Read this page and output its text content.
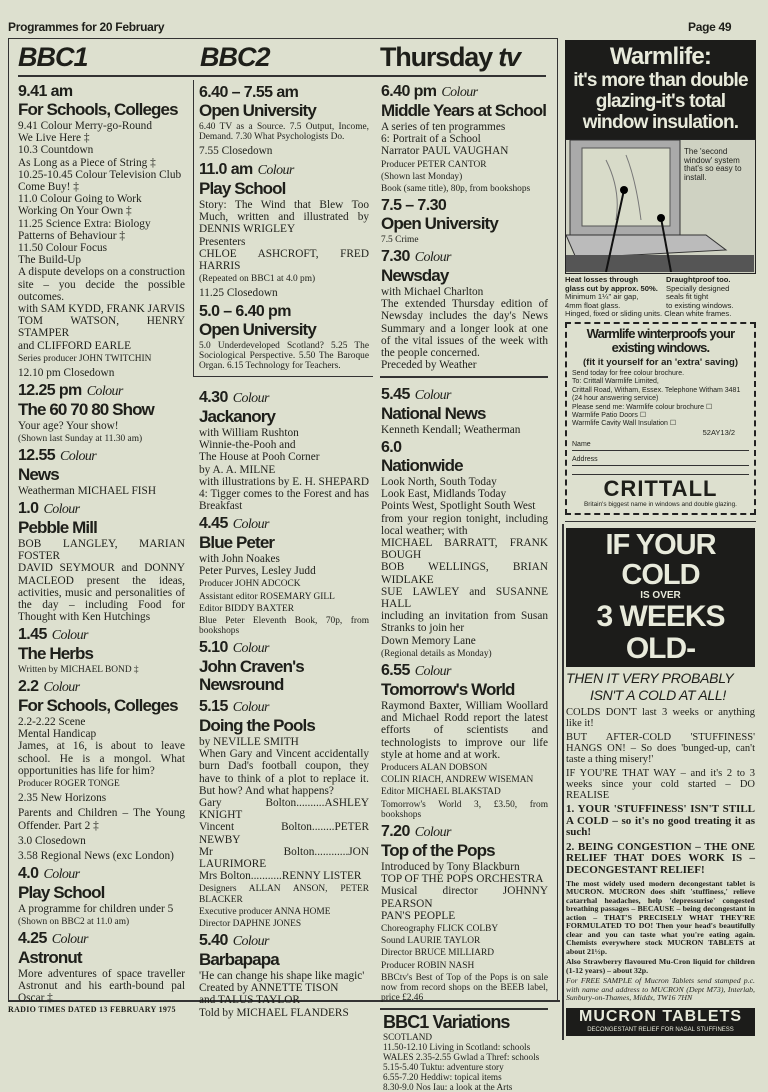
Programmes for 20 February	Page 49
BBC1	BBC2	Thursday tv
9.41 am
For Schools, Colleges
9.41 Colour Merry-go-Round
We Live Here ‡
10.3 Countdown
As Long as a Piece of String ‡
10.25-10.45 Colour Television Club
Come Buy! ‡
11.0 Colour Going to Work
Working On Your Own ‡
11.25 Science Extra: Biology
Patterns of Behaviour ‡
11.50 Colour Focus
The Build-Up
A dispute develops on a construction site – you decide the possible outcomes.
with SAM KYDD, FRANK JARVIS
TOM WATSON, HENRY STAMPER
and CLIFFORD EARLE
Series producer JOHN TWITCHIN
12.10 pm Closedown
12.25 pm Colour
The 60 70 80 Show
Your age? Your show!
(Shown last Sunday at 11.30 am)
12.55 Colour
News
Weatherman MICHAEL FISH
1.0 Colour
Pebble Mill
BOB LANGLEY, MARIAN FOSTER
DAVID SEYMOUR and DONNY MACLEOD present the ideas, activities, music and personalities of the day – including Food for Thought with Ken Hutchings
1.45 Colour
The Herbs
Written by MICHAEL BOND ‡
2.2 Colour
For Schools, Colleges
2.2-2.22 Scene
Mental Handicap
James, at 16, is about to leave school. He is a mongol. What opportunities has life for him?
Producer ROGER TONGE
2.35 New Horizons
Parents and Children – The Young Offender. Part 2 ‡
3.0 Closedown
3.58 Regional News (exc London)
4.0 Colour
Play School
A programme for children under 5
(Shown on BBC2 at 11.0 am)
4.25 Colour
Astronut
More adventures of space traveller Astronut and his earth-bound pal Oscar ‡
6.40 – 7.55 am
Open University
6.40 TV as a Source. 7.5 Output, Income, Demand. 7.30 What Psychologists Do.
7.55 Closedown
11.0 am Colour
Play School
Story: The Wind that Blew Too Much, written and illustrated by DENNIS WRIGLEY
Presenters
CHLOE ASHCROFT, FRED HARRIS
(Repeated on BBC1 at 4.0 pm)
11.25 Closedown
5.0 – 6.40 pm
Open University
5.0 Underdeveloped Scotland? 5.25 The Sociological Perspective. 5.50 The Baroque Organ. 6.15 Technology for Teachers.
4.30 Colour
Jackanory
with William Rushton
Winnie-the-Pooh and
The House at Pooh Corner
by A. A. MILNE
with illustrations by E. H. SHEPARD
4: Tigger comes to the Forest and has Breakfast
4.45 Colour
Blue Peter
with John Noakes
Peter Purves, Lesley Judd
Producer JOHN ADCOCK
Assistant editor ROSEMARY GILL
Editor BIDDY BAXTER
Blue Peter Eleventh Book, 70p, from bookshops
5.10 Colour
John Craven's Newsround
5.15 Colour
Doing the Pools
by NEVILLE SMITH
When Gary and Vincent accidentally burn Dad's football coupon, they have to think of a plot to replace it. But how? And what happens?
Gary Bolton..........ASHLEY KNIGHT
Vincent Bolton........PETER NEWBY
Mr Bolton............JON LAURIMORE
Mrs Bolton...........RENNY LISTER
Designers ALLAN ANSON, PETER BLACKER
Executive producer ANNA HOME
Director DAPHNE JONES
5.40 Colour
Barbapapa
'He can change his shape like magic'
Created by ANNETTE TISON
and TALUS TAYLOR
Told by MICHAEL FLANDERS
6.40 pm Colour
Middle Years at School
A series of ten programmes
6: Portrait of a School
Narrator PAUL VAUGHAN
Producer PETER CANTOR
(Shown last Monday)
Book (same title), 80p, from bookshops
7.5 – 7.30
Open University
7.5 Crime
7.30 Colour
Newsday
with Michael Charlton
The extended Thursday edition of Newsday includes the day's News Summary and a longer look at one of the vital issues of the week with the people concerned.
Preceded by Weather
5.45 Colour
National News
Kenneth Kendall; Weatherman
6.0
Nationwide
Look North, South Today
Look East, Midlands Today
Points West, Spotlight South West
from your region tonight, including local weather; with
MICHAEL BARRATT, FRANK BOUGH
BOB WELLINGS, BRIAN WIDLAKE
SUE LAWLEY and SUSANNE HALL
including an invitation from Susan Stranks to join her
Down Memory Lane
(Regional details as Monday)
6.55 Colour
Tomorrow's World
Raymond Baxter, William Woollard and Michael Rodd report the latest efforts of scientists and technologists to improve our life style at home and at work.
Producers ALAN DOBSON
COLIN RIACH, ANDREW WISEMAN
Editor MICHAEL BLAKSTAD
Tomorrow's World 3, £3.50, from bookshops
7.20 Colour
Top of the Pops
Introduced by Tony Blackburn
TOP OF THE POPS ORCHESTRA
Musical director JOHNNY PEARSON
PAN'S PEOPLE
Choreography FLICK COLBY
Sound LAURIE TAYLOR
Director BRUCE MILLIARD
Producer ROBIN NASH
BBCtv's Best of Top of the Pops is on sale now from record shops on the BEEB label, price £2.46
BBC1 Variations
SCOTLAND
11.50-12.10 Living in Scotland: schools
WALES 2.35-2.55 Gwlad a Thref: schools
5.15-5.40 Tuktu: adventure story
6.55-7.20 Heddiw: topical items
8.30-9.0 Nos Iau: a look at the Arts
RADIO TIMES DATED 13 FEBRUARY 1975
Warmlife:
it's more than double
glazing-it's total
window insulation.
The 'second window' system that's so easy to install.
Heat losses through
glass cut by approx. 50%.
Minimum 1¼" air gap,
4mm float glass.
Draughtproof too.
Specially designed
seals fit tight
to existing windows.
Hinged, fixed or sliding units. Clean white frames.
Warmlife winterproofs your
existing windows.
(fit it yourself for an 'extra' saving)
Send today for free colour brochure.
To: Crittall Warmlife Limited,
Crittall Road, Witham, Essex. Telephone Witham 3481
(24 hour answering service)
Please send me: Warmlife colour brochure ☐
Warmlife Patio Doors ☐
Warmlife Cavity Wall Insulation ☐
52AY13/2
Name
Address
CRITTALL
Britain's biggest name in windows and double glazing.
IF YOUR COLD
IS OVER
3 WEEKS OLD-
THEN IT VERY PROBABLY
ISN'T A COLD AT ALL!
COLDS DON'T last 3 weeks or anything like it!
BUT AFTER-COLD 'STUFFINESS' HANGS ON! – So does 'bunged-up, can't taste a thing misery!'
IF YOU'RE THAT WAY – and it's 2 to 3 weeks since your cold started – DO REALISE
1. YOUR 'STUFFINESS' ISN'T STILL A COLD – so it's no good treating it as such!
2. BEING CONGESTION – THE ONE RELIEF THAT DOES WORK IS – DECONGESTANT RELIEF!
The most widely used modern decongestant tablet is MUCRON. MUCRON does shift 'stuffiness,' relieve catarrhal headaches, help 'depressurise' congested breathing passages – BECAUSE – being decongestant in action – THAT'S PRECISELY WHAT THEY'RE FORMULATED TO DO! Then your head's beautifully clear and you can taste what you're eating again. Chemists everywhere stock MUCRON TABLETS at about 21½p.
Also Strawberry flavoured Mu-Cron liquid for children (1-12 years) – about 32p.
For FREE SAMPLE of Mucron Tablets send stamped p.c. with name and address to MUCRON (Dept M73), Interlab, Sunbury-on-Thames, Middx, TW16 7HN
MUCRON TABLETS
DECONGESTANT RELIEF FOR NASAL STUFFINESS
